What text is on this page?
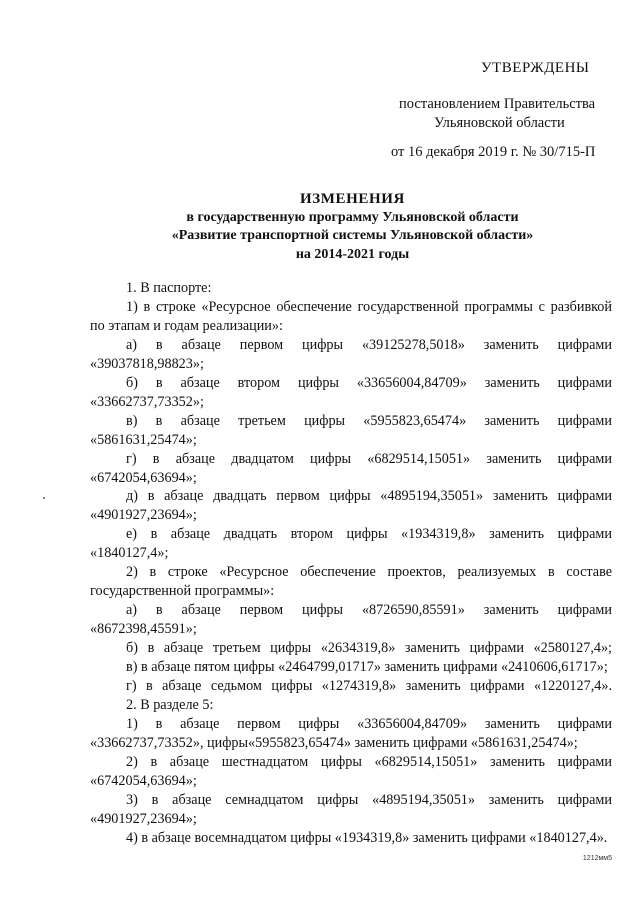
УТВЕРЖДЕНЫ
постановлением Правительства
Ульяновской области
от 16 декабря 2019 г. № 30/715-П
ИЗМЕНЕНИЯ
в государственную программу Ульяновской области
«Развитие транспортной системы Ульяновской области»
на 2014-2021 годы

1. В паспорте:

1) в строке «Ресурсное обеспечение государственной программы с разбивкой по этапам и годам реализации»:

а) в абзаце первом цифры «39125278,5018» заменить цифрами «39037818,98823»;

б) в абзаце втором цифры «33656004,84709» заменить цифрами «33662737,73352»;

в) в абзаце третьем цифры «5955823,65474» заменить цифрами «5861631,25474»;

г) в абзаце двадцатом цифры «6829514,15051» заменить цифрами «6742054,63694»;

д) в абзаце двадцать первом цифры «4895194,35051» заменить цифрами «4901927,23694»;

е) в абзаце двадцать втором цифры «1934319,8» заменить цифрами «1840127,4»;

2) в строке «Ресурсное обеспечение проектов, реализуемых в составе государственной программы»:

а) в абзаце первом цифры «8726590,85591» заменить цифрами «8672398,45591»;

б) в абзаце третьем цифры «2634319,8» заменить цифрами «2580127,4»;

в) в абзаце пятом цифры «2464799,01717» заменить цифрами «2410606,61717»;

г) в абзаце седьмом цифры «1274319,8» заменить цифрами «1220127,4».

2. В разделе 5:

1) в абзаце первом цифры «33656004,84709» заменить цифрами «33662737,73352», цифры«5955823,65474» заменить цифрами «5861631,25474»;

2) в абзаце шестнадцатом цифры «6829514,15051» заменить цифрами «6742054,63694»;

3) в абзаце семнадцатом цифры «4895194,35051» заменить цифрами «4901927,23694»;

4) в абзаце восемнадцатом цифры «1934319,8» заменить цифрами «1840127,4».

1212мм5
